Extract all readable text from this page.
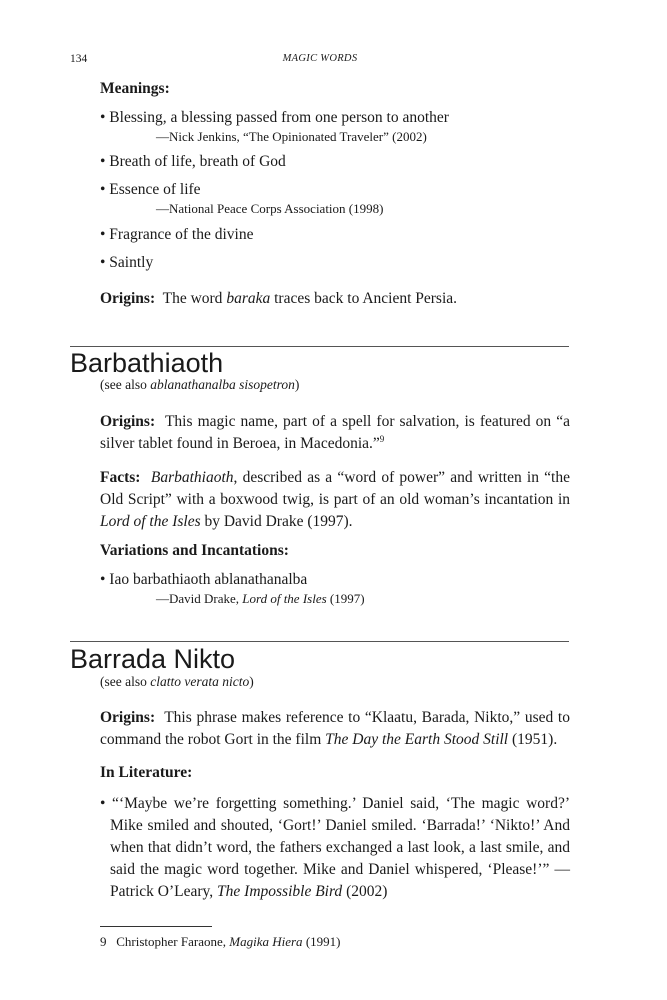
134	MAGIC WORDS
Meanings:
• Blessing, a blessing passed from one person to another
—Nick Jenkins, “The Opinionated Traveler” (2002)
• Breath of life, breath of God
• Essence of life
—National Peace Corps Association (1998)
• Fragrance of the divine
• Saintly
Origins: The word baraka traces back to Ancient Persia.
Barbathiaoth
(see also ablanathanalba sisopetron)
Origins: This magic name, part of a spell for salvation, is featured on “a silver tablet found in Beroea, in Macedonia.”$^9$
Facts: Barbathiaoth, described as a “word of power” and written in “the Old Script” with a boxwood twig, is part of an old woman’s incantation in Lord of the Isles by David Drake (1997).
Variations and Incantations:
• Iao barbathiaoth ablanathanalba
—David Drake, Lord of the Isles (1997)
Barrada Nikto
(see also clatto verata nicto)
Origins: This phrase makes reference to “Klaatu, Barada, Nikto,” used to command the robot Gort in the film The Day the Earth Stood Still (1951).
In Literature:
• “‘Maybe we’re forgetting something.’ Daniel said, ‘The magic word?’ Mike smiled and shouted, ‘Gort!’ Daniel smiled. ‘Barrada!’ ‘Nikto!’ And when that didn’t word, the fathers exchanged a last look, a last smile, and said the magic word together. Mike and Daniel whispered, ‘Please!’” — Patrick O’Leary, The Impossible Bird (2002)
9 Christopher Faraone, Magika Hiera (1991)
